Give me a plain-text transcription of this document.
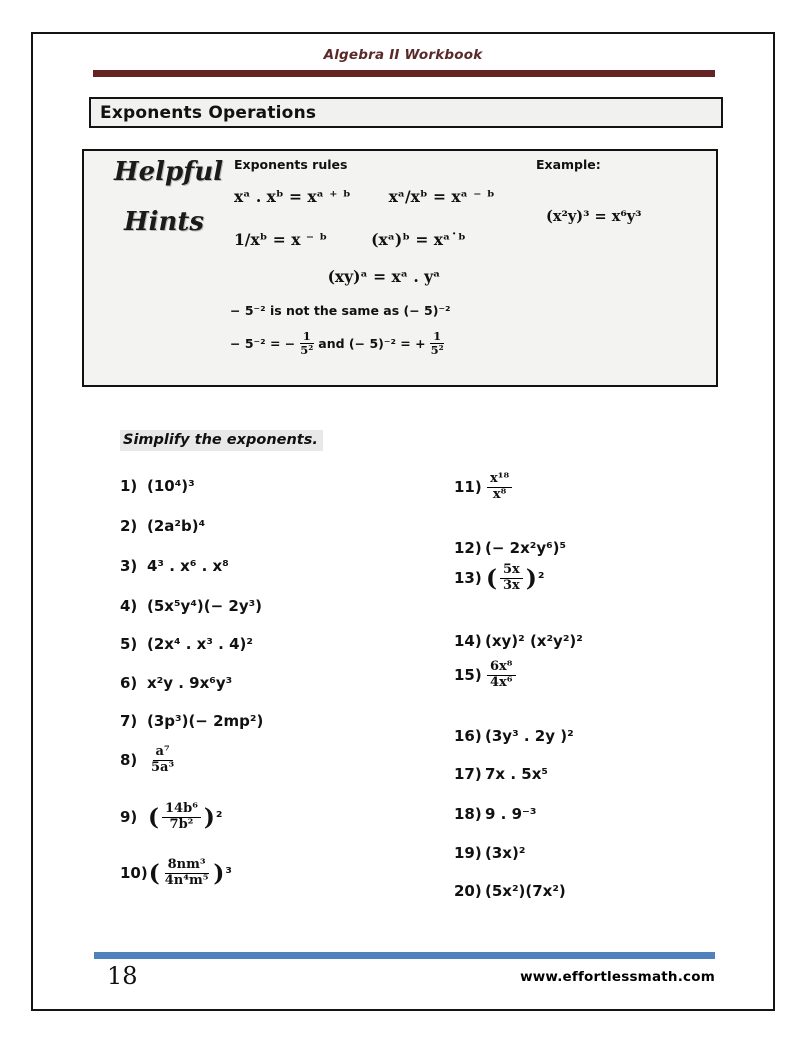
Algebra II Workbook
Exponents Operations
Helpful
Hints
Exponents rules	Example:
xᵃ . xᵇ = xᵃ ⁺ ᵇ xᵃ/xᵇ = xᵃ ⁻ ᵇ
1/xᵇ = x ⁻ ᵇ	(xᵃ)ᵇ = xᵃ˙ᵇ
(xy)ᵃ = xᵃ . yᵃ
− 5⁻² is not the same as (− 5)⁻²
− 5⁻² = − $\frac{1}{\text{5²}}$ and (− 5)⁻² = + $\frac{1}{\text{5²}}$
(x²y)³ = x⁶y³
Simplify the exponents.
1) (10⁴)³
2) (2a²b)⁴
3) 4³ . x⁶ . x⁸
4) (5x⁵y⁴)(− 2y³)
5) (2x⁴ . x³ . 4)²
6) x²y . 9x⁶y³
7) (3p³)(− 2mp²)
$8) \frac{\text{a⁷}}{\text{5a³}}$
9) ( $\frac{\text{14b⁶}}{\text{7b²}}$ ) ²
10) ( $\frac{\text{8nm³}}{\text{4n⁴m⁵}}$ ) ³
$11) \frac{\text{x¹⁸}}{\text{x⁸}}$
12) (− 2x²y⁶)⁵
13) ( $\frac{5x}{3x}$ ) ²
14) (xy)² (x²y²)²
$15) \frac{\text{6x⁸}}{\text{4x⁶}}$
16) (3y³ . 2y )²
17) 7x . 5x⁵
18) 9 . 9⁻³
19) (3x)²
20) (5x²)(7x²)
18	www.effortlessmath.com
